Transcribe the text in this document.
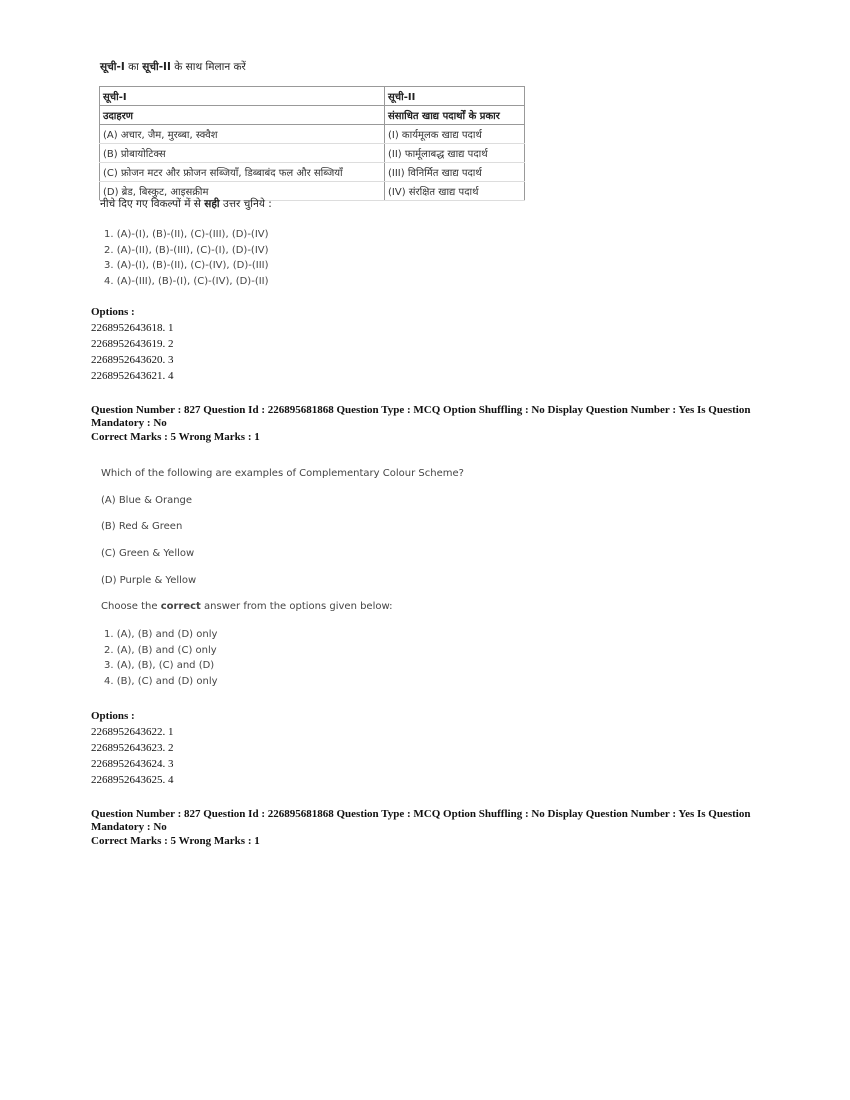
सूची-I का सूची-II के साथ मिलान करें
सूची-I	सूची-II
उदाहरण	संसाधित खाद्य पदार्थों के प्रकार
(A) अचार, जैम, मुरब्बा, स्क्वैश	(I) कार्यमूलक खाद्य पदार्थ
(B) प्रोबायोटिक्स	(II) फार्मूलाबद्ध खाद्य पदार्थ
(C) फ्रोजन मटर और फ्रोजन सब्जियाँ, डिब्बाबंद फल और सब्जियाँ	(III) विनिर्मित खाद्य पदार्थ
(D) ब्रेड, बिस्कुट, आइसक्रीम	(IV) संरक्षित खाद्य पदार्थ
नीचे दिए गए विकल्पों में से सही उत्तर चुनिये :
1. (A)-(I), (B)-(II), (C)-(III), (D)-(IV)
2. (A)-(II), (B)-(III), (C)-(I), (D)-(IV)
3. (A)-(I), (B)-(II), (C)-(IV), (D)-(III)
4. (A)-(III), (B)-(I), (C)-(IV), (D)-(II)
Options :
2268952643618. 1
2268952643619. 2
2268952643620. 3
2268952643621. 4
Question Number : 827 Question Id : 226895681868 Question Type : MCQ Option Shuffling : No Display Question Number : Yes Is Question Mandatory : No
Correct Marks : 5 Wrong Marks : 1
Which of the following are examples of Complementary Colour Scheme?
(A) Blue & Orange
(B) Red & Green
(C) Green & Yellow
(D) Purple & Yellow
Choose the correct answer from the options given below:
1. (A), (B) and (D) only
2. (A), (B) and (C) only
3. (A), (B), (C) and (D)
4. (B), (C) and (D) only
Options :
2268952643622. 1
2268952643623. 2
2268952643624. 3
2268952643625. 4
Question Number : 827 Question Id : 226895681868 Question Type : MCQ Option Shuffling : No Display Question Number : Yes Is Question Mandatory : No
Correct Marks : 5 Wrong Marks : 1
